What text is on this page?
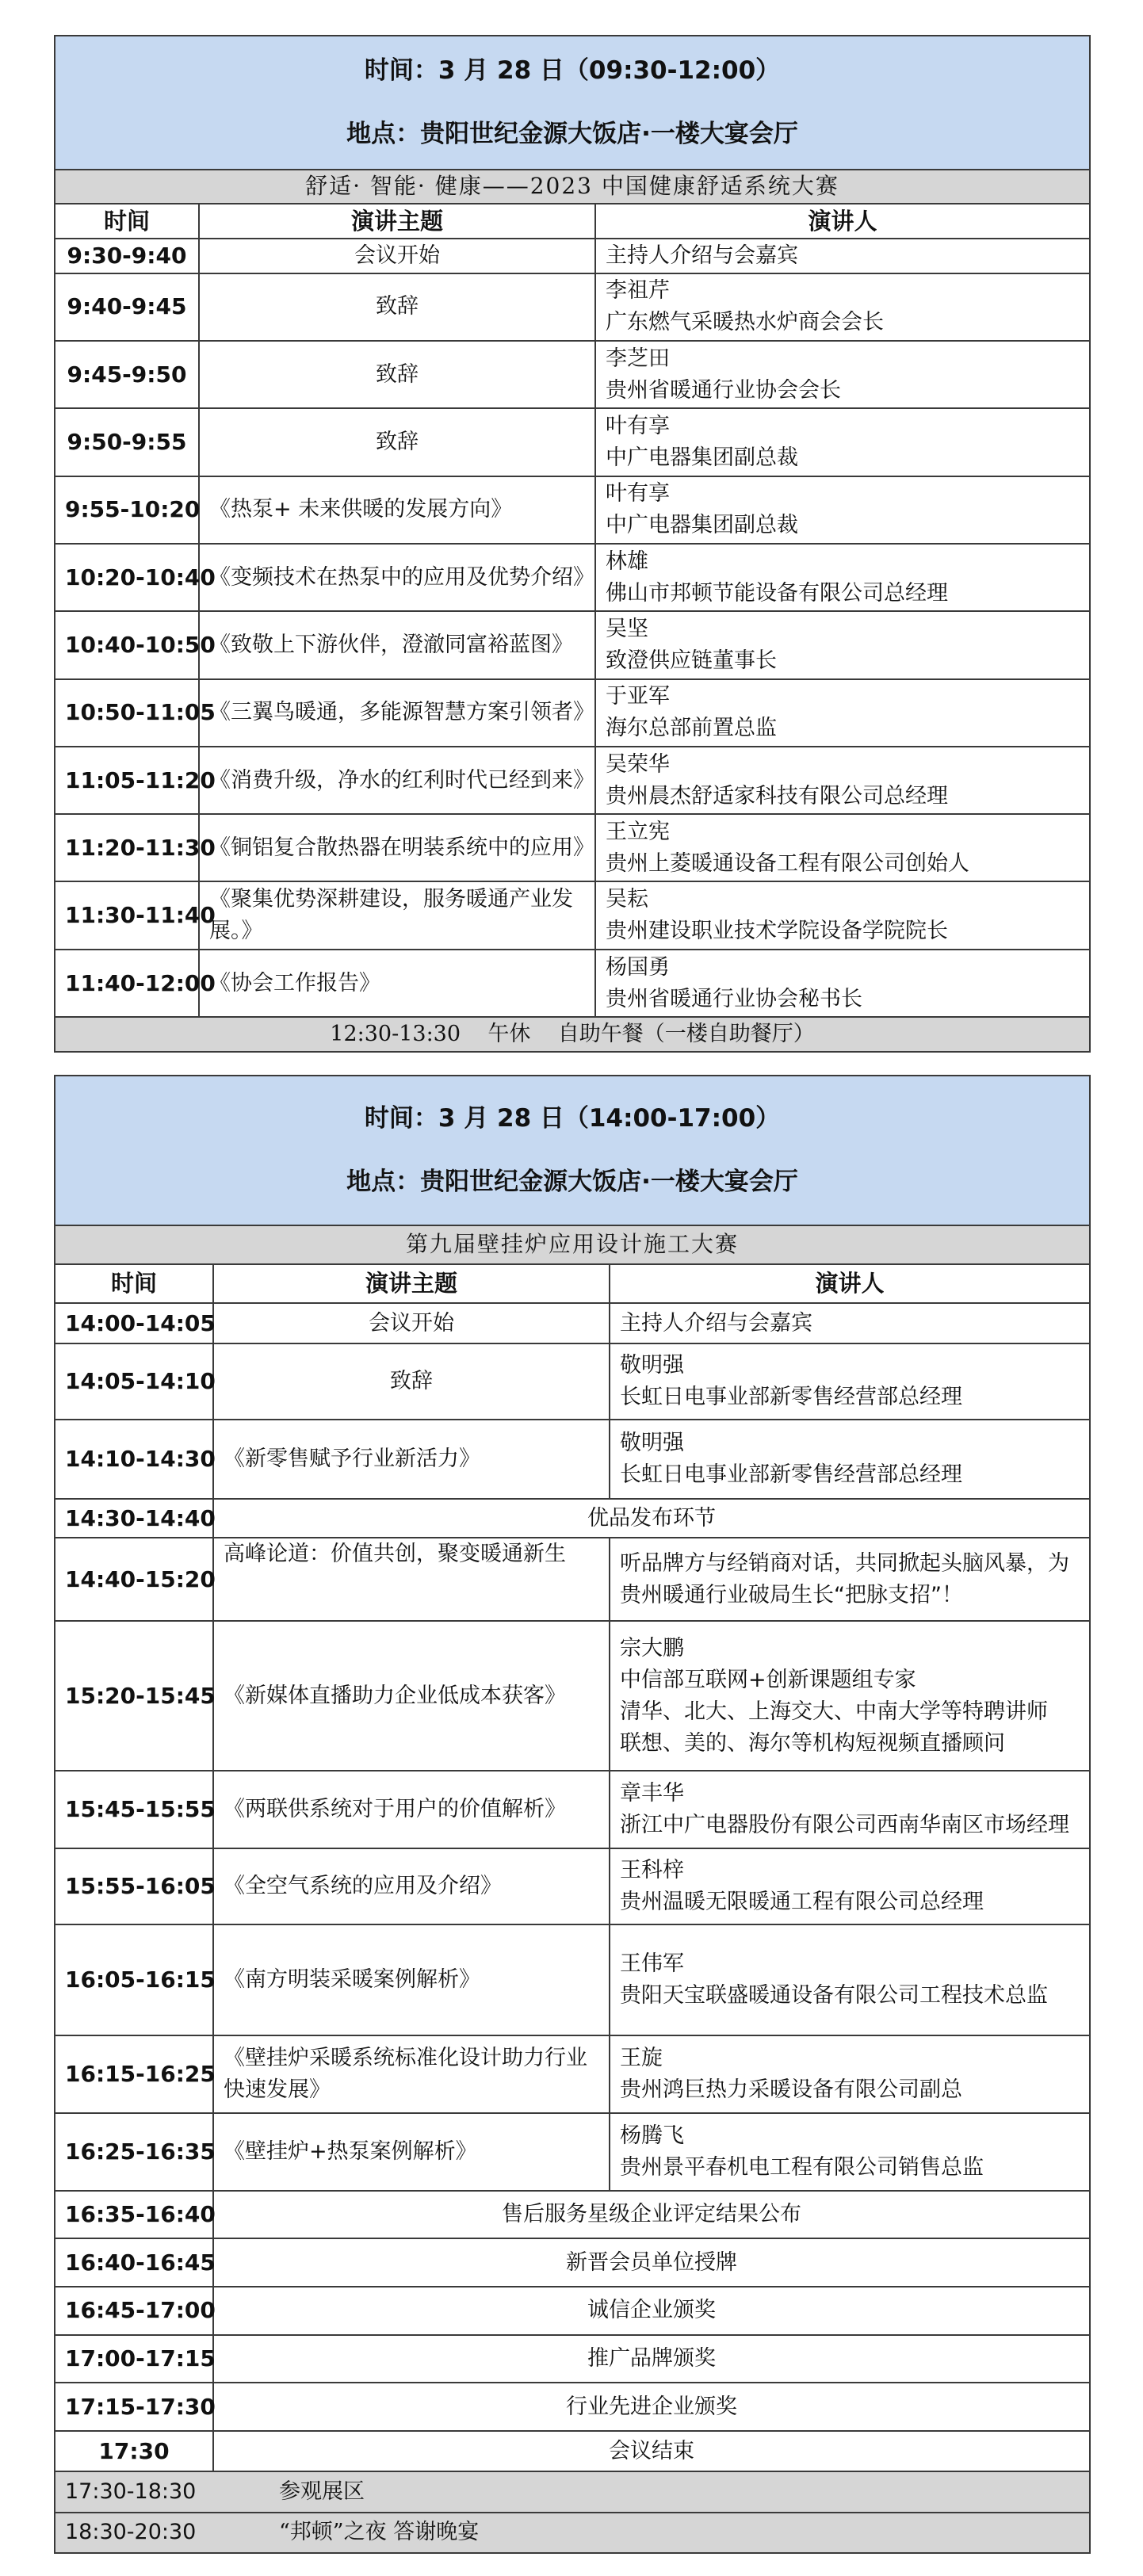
时间：3 月 28 日（09:30-12:00）
地点：贵阳世纪金源大饭店·一楼大宴会厅		

舒适· 智能· 健康——2023 中国健康舒适系统大赛		
时间	演讲主题	演讲人
9:30-9:40	会议开始	主持人介绍与会嘉宾

9:40-9:45	致辞	李祖芹
广东燃气采暖热水炉商会会长

9:45-9:50	致辞	李芝田
贵州省暖通行业协会会长

9:50-9:55	致辞	叶有享
中广电器集团副总裁

9:55-10:20	《热泵+ 未来供暖的发展方向》	叶有享
中广电器集团副总裁

10:20-10:40	《变频技术在热泵中的应用及优势介绍》	林雄
佛山市邦顿节能设备有限公司总经理

10:40-10:50	《致敬上下游伙伴，澄澈同富裕蓝图》	吴坚
致澄供应链董事长

10:50-11:05	《三翼鸟暖通，多能源智慧方案引领者》	于亚军
海尔总部前置总监

11:05-11:20	《消费升级，净水的红利时代已经到来》	吴荣华
贵州晨杰舒适家科技有限公司总经理

11:20-11:30	《铜铝复合散热器在明装系统中的应用》	王立宪
贵州上菱暖通设备工程有限公司创始人

11:30-11:40	《聚集优势深耕建设，服务暖通产业发展。》	吴耘
贵州建设职业技术学院设备学院院长

11:40-12:00	《协会工作报告》	杨国勇
贵州省暖通行业协会秘书长

12:30-13:30    午休    自助午餐（一楼自助餐厅）		
时间：3 月 28 日（14:00-17:00）
地点：贵阳世纪金源大饭店·一楼大宴会厅		

第九届壁挂炉应用设计施工大赛		
时间	演讲主题	演讲人
14:00-14:05	会议开始	主持人介绍与会嘉宾
14:05-14:10	致辞	敬明强
长虹日电事业部新零售经营部总经理
14:10-14:30	《新零售赋予行业新活力》	敬明强
长虹日电事业部新零售经营部总经理
14:30-14:40	优品发布环节	
14:40-15:20	高峰论道：价值共创，聚变暖通新生	听品牌方与经销商对话，共同掀起头脑风暴，为贵州暖通行业破局生长“把脉支招”！
15:20-15:45	《新媒体直播助力企业低成本获客》	宗大鹏
中信部互联网+创新课题组专家
清华、北大、上海交大、中南大学等特聘讲师
联想、美的、海尔等机构短视频直播顾问
15:45-15:55	《两联供系统对于用户的价值解析》	章丰华
浙江中广电器股份有限公司西南华南区市场经理
15:55-16:05	《全空气系统的应用及介绍》	王科梓
贵州温暖无限暖通工程有限公司总经理
16:05-16:15	《南方明装采暖案例解析》	王伟军
贵阳天宝联盛暖通设备有限公司工程技术总监
16:15-16:25	《壁挂炉采暖系统标准化设计助力行业快速发展》	王旋
贵州鸿巨热力采暖设备有限公司副总
16:25-16:35	《壁挂炉+热泵案例解析》	杨腾飞
贵州景平春机电工程有限公司销售总监
16:35-16:40	售后服务星级企业评定结果公布	
16:40-16:45	新晋会员单位授牌	
16:45-17:00	诚信企业颁奖	
17:00-17:15	推广品牌颁奖	
17:15-17:30	行业先进企业颁奖	
17:30	会议结束	
17:30-18:30 参观展区		
18:30-20:30 “邦顿”之夜 答谢晚宴		
